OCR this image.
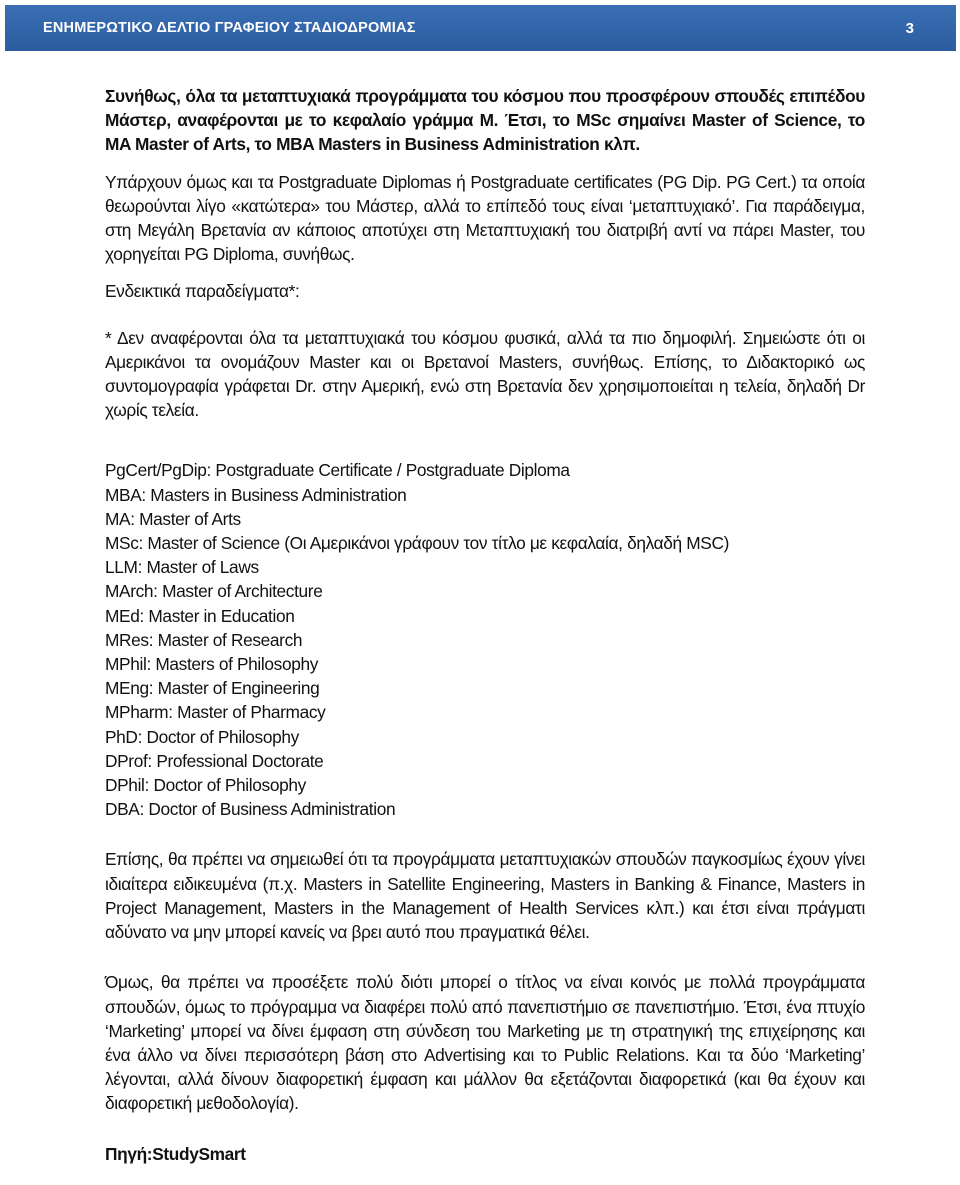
ΕΝΗΜΕΡΩΤΙΚΟ ΔΕΛΤΙΟ ΓΡΑΦΕΙΟΥ ΣΤΑΔΙΟΔΡΟΜΙΑΣ	3

Συνήθως, όλα τα μεταπτυχιακά προγράμματα του κόσμου που προσφέρουν σπουδές επιπέδου Μάστερ, αναφέρονται με το κεφαλαίο γράμμα M. Έτσι, το MSc σημαίνει Master of Science, το MA Master of Arts, το MBA Masters in Business Administration κλπ.

Υπάρχουν όμως και τα Postgraduate Diplomas ή Postgraduate certificates (PG Dip. PG Cert.) τα οποία θεωρούνται λίγο «κατώτερα» του Μάστερ, αλλά το επίπεδό τους είναι ‘μεταπτυχιακό’. Για παράδειγμα, στη Μεγάλη Βρετανία αν κάποιος αποτύχει στη Μεταπτυχιακή του διατριβή αντί να πάρει Master, του χορηγείται PG Diploma, συνήθως.

Ενδεικτικά παραδείγματα*:

* Δεν αναφέρονται όλα τα μεταπτυχιακά του κόσμου φυσικά, αλλά τα πιο δημοφιλή. Σημειώστε ότι οι Αμερικάνοι τα ονομάζουν Master και οι Βρετανοί Masters, συνήθως. Επίσης, το Διδακτορικό ως συντομογραφία γράφεται Dr. στην Αμερική, ενώ στη Βρετανία δεν χρησιμοποιείται η τελεία, δηλαδή Dr χωρίς τελεία.

PgCert/PgDip: Postgraduate Certificate / Postgraduate Diploma

MBA: Masters in Business Administration

MA: Master of Arts

MSc: Master of Science (Οι Αμερικάνοι γράφουν τον τίτλο με κεφαλαία, δηλαδή MSC)

LLM: Master of Laws

MArch: Master of Architecture

MEd: Master in Education

MRes: Master of Research

MPhil: Masters of Philosophy

MEng: Master of Engineering

MPharm: Master of Pharmacy

PhD: Doctor of Philosophy

DProf: Professional Doctorate

DPhil: Doctor of Philosophy

DBA: Doctor of Business Administration

Επίσης, θα πρέπει να σημειωθεί ότι τα προγράμματα μεταπτυχιακών σπουδών παγκοσμίως έχουν γίνει ιδιαίτερα ειδικευμένα (π.χ. Masters in Satellite Engineering, Masters in Banking & Finance, Masters in Project Management, Masters in the Management of Health Services κλπ.) και έτσι είναι πράγματι αδύνατο να μην μπορεί κανείς να βρει αυτό που πραγματικά θέλει.

Όμως, θα πρέπει να προσέξετε πολύ διότι μπορεί ο τίτλος να είναι κοινός με πολλά προγράμματα σπουδών, όμως το πρόγραμμα να διαφέρει πολύ από πανεπιστήμιο σε πανεπιστήμιο. Έτσι, ένα πτυχίο ‘Marketing’ μπορεί να δίνει έμφαση στη σύνδεση του Marketing με τη στρατηγική της επιχείρησης και ένα άλλο να δίνει περισσότερη βάση στο Advertising και το Public Relations. Και τα δύο ‘Marketing’ λέγονται, αλλά δίνουν διαφορετική έμφαση και μάλλον θα εξετάζονται διαφορετικά (και θα έχουν και διαφορετική μεθοδολογία).

Πηγή:StudySmart
